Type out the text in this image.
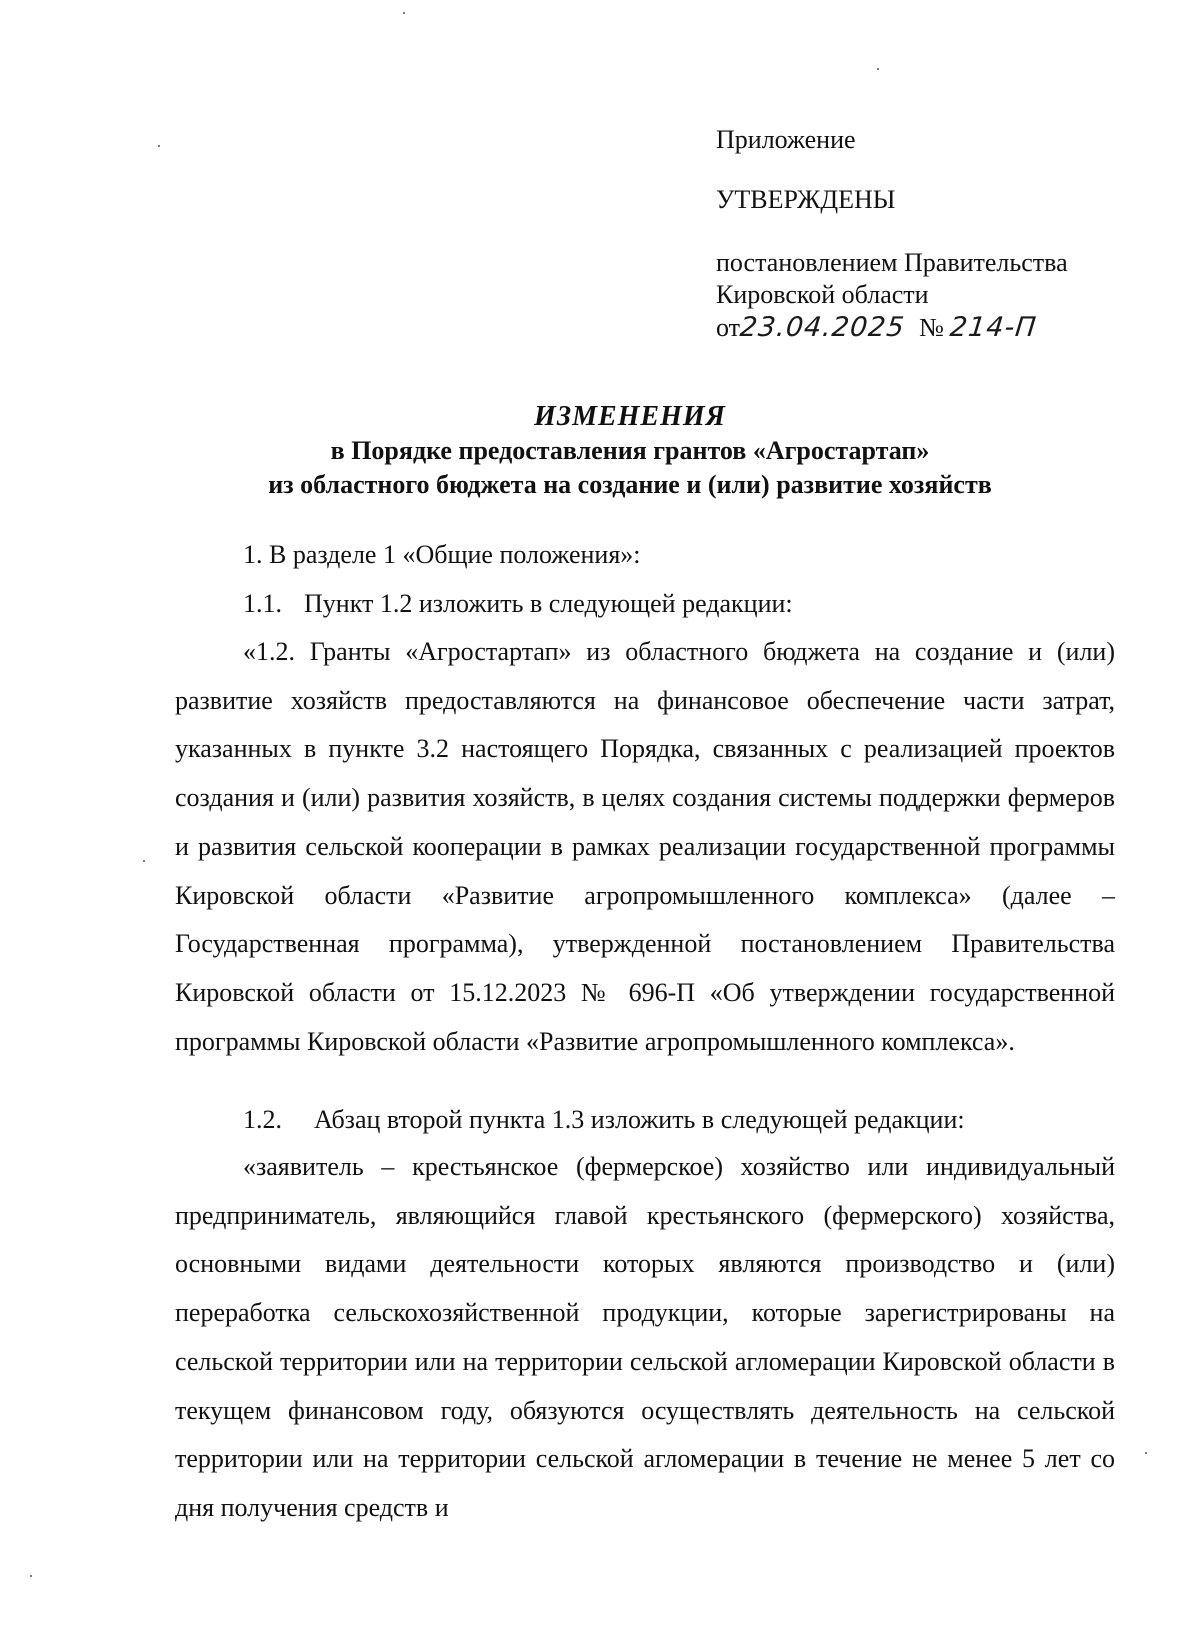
Приложение
УТВЕРЖДЕНЫ
постановлением Правительства
Кировской области
от23.04.2025 № 214-П
ИЗМЕНЕНИЯ
в Порядке предоставления грантов «Агростартап»
из областного бюджета на создание и (или) развитие хозяйств
1. В разделе 1 «Общие положения»:
1.1. Пункт 1.2 изложить в следующей редакции:
«1.2. Гранты «Агростартап» из областного бюджета на создание и (или) развитие хозяйств предоставляются на финансовое обеспечение части затрат, указанных в пункте 3.2 настоящего Порядка, связанных с реализацией проектов создания и (или) развития хозяйств, в целях создания системы поддержки фермеров и развития сельской кооперации в рамках реализации государственной программы Кировской области «Развитие агропромышленного комплекса» (далее – Государственная программа), утвержденной постановлением Правительства Кировской области от 15.12.2023 № 696-П «Об утверждении государственной программы Кировской области «Развитие агропромышленного комплекса».
1.2. Абзац второй пункта 1.3 изложить в следующей редакции:
«заявитель – крестьянское (фермерское) хозяйство или индивидуальный предприниматель, являющийся главой крестьянского (фермерского) хозяйства, основными видами деятельности которых являются производство и (или) переработка сельскохозяйственной продукции, которые зарегистрированы на сельской территории или на территории сельской агломерации Кировской области в текущем финансовом году, обязуются осуществлять деятельность на сельской территории или на территории сельской агломерации в течение не менее 5 лет со дня получения средств и
